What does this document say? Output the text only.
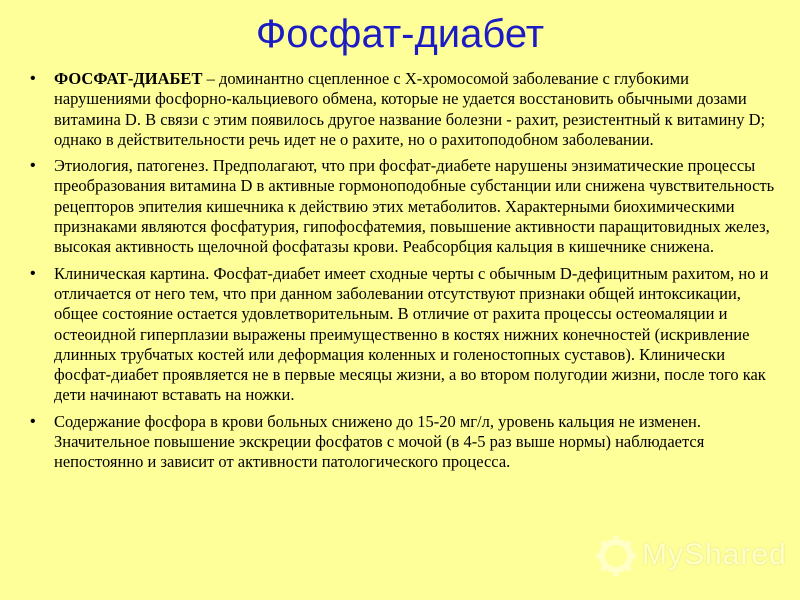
Фосфат-диабет
• ФОСФАТ-ДИАБЕТ – доминантно сцепленное с Х-хромосомой заболевание с глубокими нарушениями фосфорно-кальциевого обмена, которые не удается восстановить обычными дозами витамина D. В связи с этим появилось другое название болезни - рахит, резистентный к витамину D; однако в действительности речь идет не о рахите, но о рахитоподобном заболевании.
• Этиология, патогенез. Предполагают, что при фосфат-диабете нарушены энзиматические процессы преобразования витамина D в активные гормоноподобные субстанции или снижена чувствительность рецепторов эпителия кишечника к действию этих метаболитов. Характерными биохимическими признаками являются фосфатурия, гипофосфатемия, повышение активности паращитовидных желез, высокая активность щелочной фосфатазы крови. Реабсорбция кальция в кишечнике снижена.
• Клиническая картина. Фосфат-диабет имеет сходные черты с обычным D-дефицитным рахитом, но и отличается от него тем, что при данном заболевании отсутствуют признаки общей интоксикации, общее состояние остается удовлетворительным. В отличие от рахита процессы остеомаляции и остеоидной гиперплазии выражены преимущественно в костях нижних конечностей (искривление длинных трубчатых костей или деформация коленных и голеностопных суставов). Клинически фосфат-диабет проявляется не в первые месяцы жизни, а во втором полугодии жизни, после того как дети начинают вставать на ножки.
• Содержание фосфора в крови больных снижено до 15-20 мг/л, уровень кальция не изменен. Значительное повышение экскреции фосфатов с мочой (в 4-5 раз выше нормы) наблюдается непостоянно и зависит от активности патологического процесса.
MyShared
